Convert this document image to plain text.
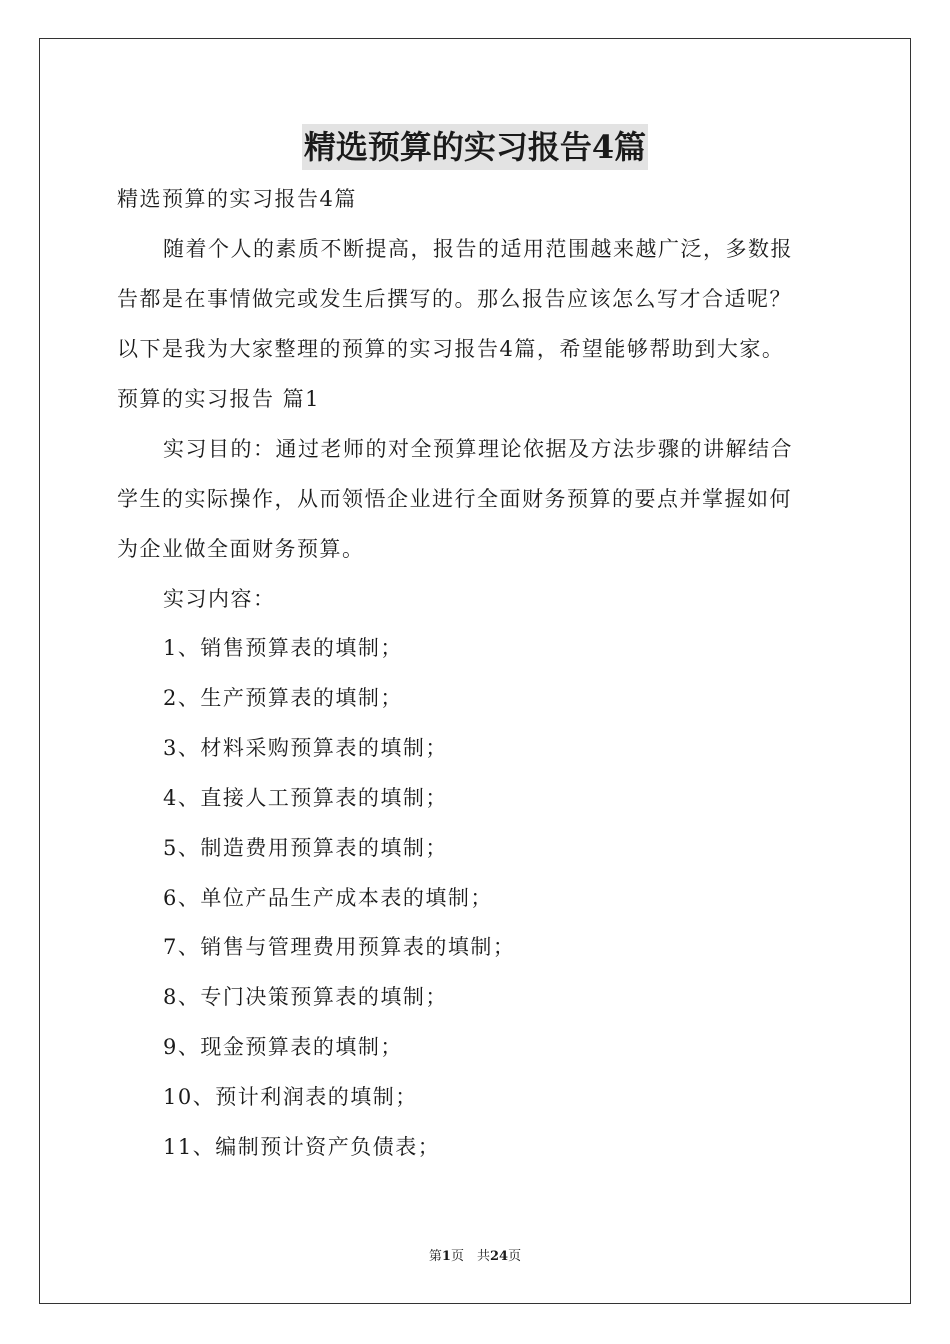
精选预算的实习报告4篇
精选预算的实习报告4篇
随着个人的素质不断提高，报告的适用范围越来越广泛，多数报
告都是在事情做完或发生后撰写的。那么报告应该怎么写才合适呢？
以下是我为大家整理的预算的实习报告4篇，希望能够帮助到大家。
预算的实习报告 篇1
实习目的：通过老师的对全预算理论依据及方法步骤的讲解结合
学生的实际操作，从而领悟企业进行全面财务预算的要点并掌握如何
为企业做全面财务预算。
实习内容：
1、销售预算表的填制；
2、生产预算表的填制；
3、材料采购预算表的填制；
4、直接人工预算表的填制；
5、制造费用预算表的填制；
6、单位产品生产成本表的填制；
7、销售与管理费用预算表的填制；
8、专门决策预算表的填制；
9、现金预算表的填制；
10、预计利润表的填制；
11、编制预计资产负债表；
第1页　共24页
